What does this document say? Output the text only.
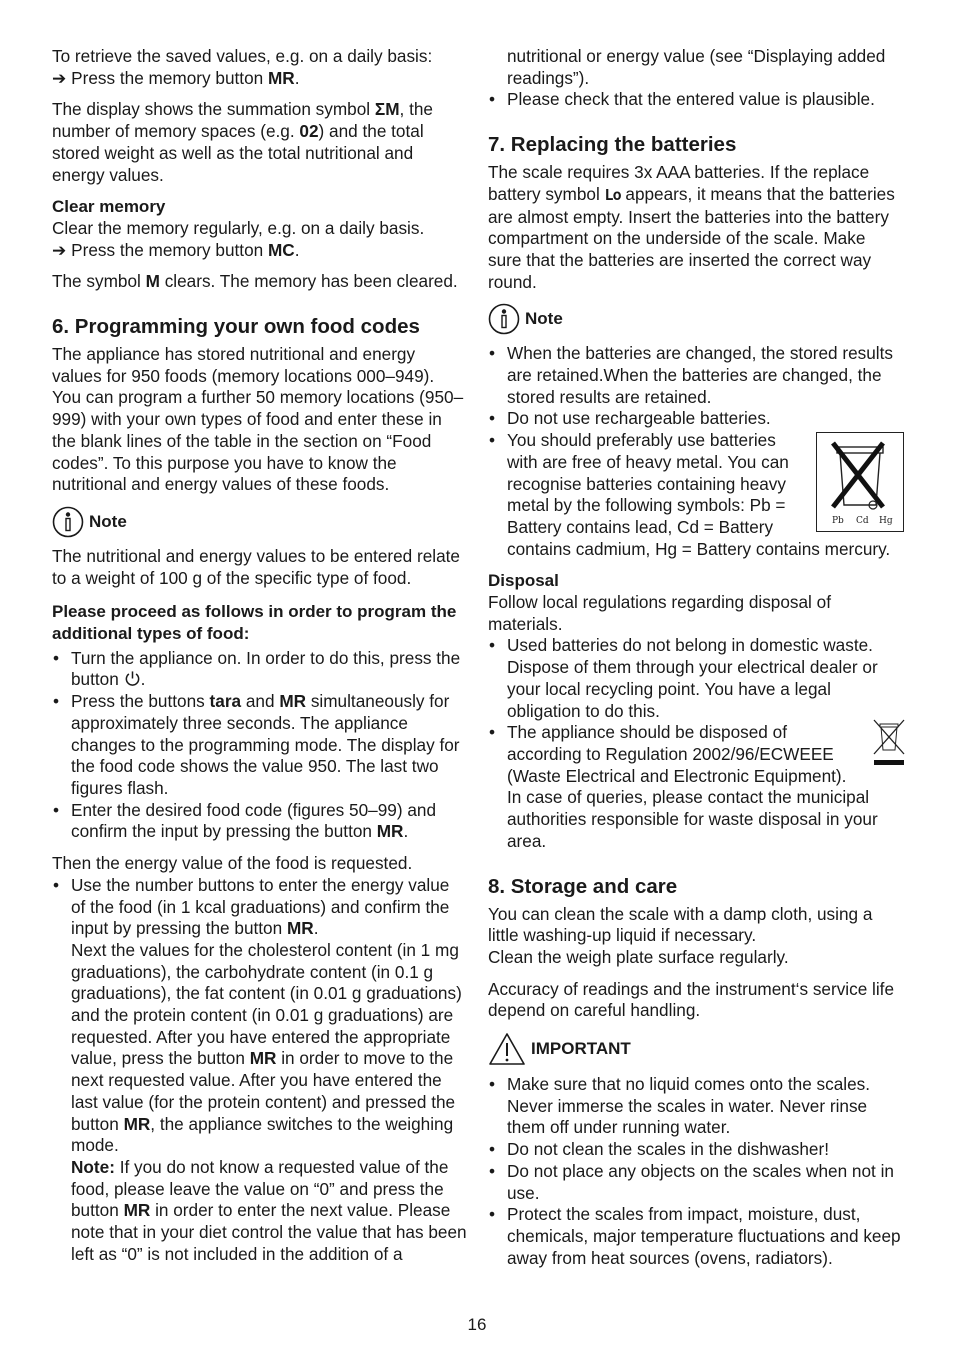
To retrieve the saved values, e.g. on a daily basis:

➔ Press the memory button MR.

The display shows the summation symbol ΣM, the number of memory spaces (e.g. 02) and the total stored weight as well as the total nutritional and energy values.

Clear memory

Clear the memory regularly, e.g. on a daily basis.

➔ Press the memory button MC.

The symbol M clears. The memory has been cleared.

6. Programming your own food codes

The appliance has stored nutritional and energy values for 950 foods (memory locations 000–949).

You can program a further 50 memory locations (950–999) with your own types of food and enter these in the blank lines of the table in the section on “Food codes”. To this purpose you have to know the nutritional and energy values of these foods.

Note

The nutritional and energy values to be entered relate to a weight of 100 g of the specific type of food.

Please proceed as follows in order to program the additional types of food:
• Turn the appliance on. In order to do this, press the button .
• Press the buttons tara and MR simultaneously for approximately three seconds. The appliance changes to the programming mode. The display for the food code shows the value 950. The last two figures flash.
• Enter the desired food code (figures 50–99) and confirm the input by pressing the button MR.

Then the energy value of the food is requested.

• Use the number buttons to enter the energy value of the food (in 1 kcal graduations) and confirm the input by pressing the button MR.
Next the values for the cholesterol content (in 1 mg graduations), the carbohydrate content (in 0.1 g graduations), the fat content (in 0.01 g graduations) and the protein content (in 0.01 g graduations) are requested. After you have entered the appropriate value, press the button MR in order to move to the next requested value. After you have entered the last value (for the protein content) and pressed the button MR, the appliance switches to the weighing mode.
Note: If you do not know a requested value of the food, please leave the value on “0” and press the button MR in order to enter the next value. Please note that in your diet control the value that has been left as “0” is not included in the addition of a
nutritional or energy value (see “Displaying added readings”).
• Please check that the entered value is plausible.
7. Replacing the batteries

The scale requires 3x AAA batteries. If the replace battery symbol Lo appears, it means that the batteries are almost empty. Insert the batteries into the battery compartment on the underside of the scale. Make sure that the batteries are inserted the correct way round.

Note
• When the batteries are changed, the stored results are retained.When the batteries are changed, the stored results are retained.
• Do not use rechargeable batteries.
• Pb Cd Hg
You should preferably use batteries with are free of heavy metal. You can recognise batteries containing heavy metal by the following symbols: Pb = Battery contains lead, Cd = Battery contains cadmium, Hg = Battery contains mercury.
Disposal

Follow local regulations regarding disposal of materials.

• Used batteries do not belong in domestic waste. Dispose of them through your electrical dealer or your local recycling point. You have a legal obligation to do this.
• The appliance should be disposed of according to Regulation 2002/96/ECWEEE (Waste Electrical and Electronic Equipment). In case of queries, please contact the municipal authorities responsible for waste disposal in your area.
8. Storage and care

You can clean the scale with a damp cloth, using a little washing-up liquid if necessary.

Clean the weigh plate surface regularly.

Accuracy of readings and the instrument‘s service life depend on careful handling.

IMPORTANT
• Make sure that no liquid comes onto the scales. Never immerse the scales in water. Never rinse them off under running water.
• Do not clean the scales in the dishwasher!
• Do not place any objects on the scales when not in use.
• Protect the scales from impact, moisture, dust, chemicals, major temperature fluctuations and keep away from heat sources (ovens, radiators).
16
